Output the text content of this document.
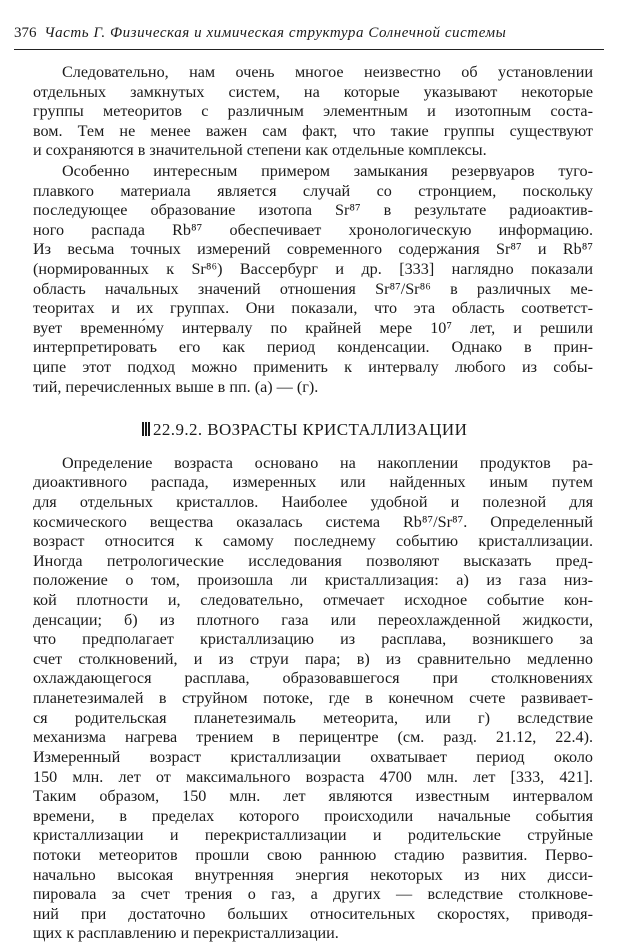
376 Часть Г. Физическая и химическая структура Солнечной системы
Следовательно, нам очень многое неизвестно об установлении
отдельных замкнутых систем, на которые указывают некоторые
группы метеоритов с различным элементным и изотопным соста-
вом. Тем не менее важен сам факт, что такие группы существуют
и сохраняются в значительной степени как отдельные комплексы.
Особенно интересным примером замыкания резервуаров туго-
плавкого материала является случай со стронцием, поскольку
последующее образование изотопа Sr⁸⁷ в результате радиоактив-
ного распада Rb⁸⁷ обеспечивает хронологическую информацию.
Из весьма точных измерений современного содержания Sr⁸⁷ и Rb⁸⁷
(нормированных к Sr⁸⁶) Вассербург и др. [333] наглядно показали
область начальных значений отношения Sr⁸⁷/Sr⁸⁶ в различных ме-
теоритах и их группах. Они показали, что эта область соответст-
вует временно́му интервалу по крайней мере 10⁷ лет, и решили
интерпретировать его как период конденсации. Однако в прин-
ципе этот подход можно применить к интервалу любого из собы-
тий, перечисленных выше в пп. (а) — (г).
22.9.2. ВОЗРАСТЫ КРИСТАЛЛИЗАЦИИ
Определение возраста основано на накоплении продуктов ра-
диоактивного распада, измеренных или найденных иным путем
для отдельных кристаллов. Наиболее удобной и полезной для
космического вещества оказалась система Rb⁸⁷/Sr⁸⁷. Определенный
возраст относится к самому последнему событию кристаллизации.
Иногда петрологические исследования позволяют высказать пред-
положение о том, произошла ли кристаллизация: а) из газа низ-
кой плотности и, следовательно, отмечает исходное событие кон-
денсации; б) из плотного газа или переохлажденной жидкости,
что предполагает кристаллизацию из расплава, возникшего за
счет столкновений, и из струи пара; в) из сравнительно медленно
охлаждающегося расплава, образовавшегося при столкновениях
планетезималей в струйном потоке, где в конечном счете развивает-
ся родительская планетезималь метеорита, или г) вследствие
механизма нагрева трением в перицентре (см. разд. 21.12, 22.4).
Измеренный возраст кристаллизации охватывает период около
150 млн. лет от максимального возраста 4700 млн. лет [333, 421].
Таким образом, 150 млн. лет являются известным интервалом
времени, в пределах которого происходили начальные события
кристаллизации и перекристаллизации и родительские струйные
потоки метеоритов прошли свою раннюю стадию развития. Перво-
начально высокая внутренняя энергия некоторых из них дисси-
пировала за счет трения о газ, а других — вследствие столкнове-
ний при достаточно больших относительных скоростях, приводя-
щих к расплавлению и перекристаллизации.
